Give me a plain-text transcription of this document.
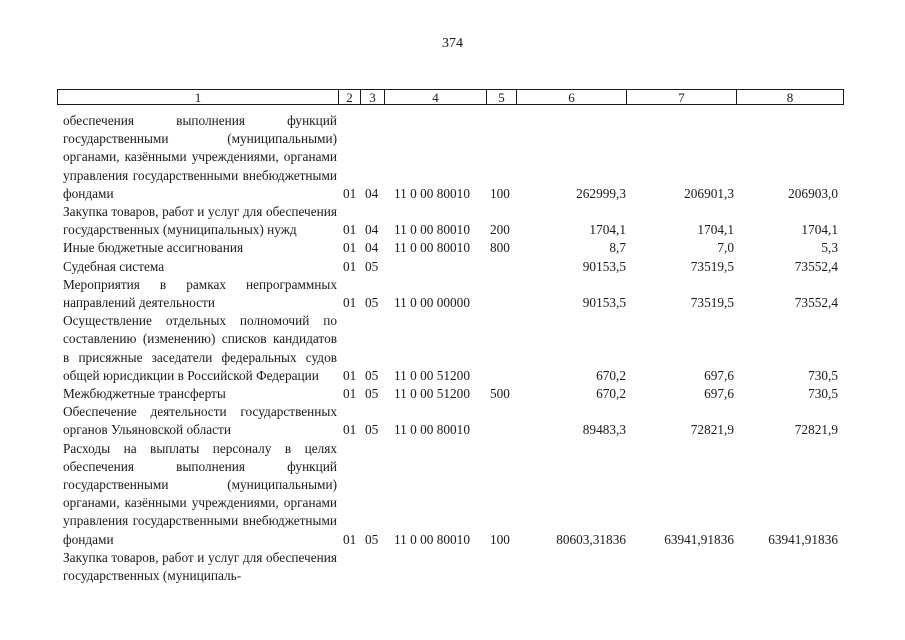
374
1	2	3	4	5	6	7	8
обеспечения выполнения функций государственными (муниципальными) органами, казёнными учреждениями, органами управления государственными внебюджетными фондами	01 04 11 0 00 80010 100	262999,3	206901,3	206903,0
Закупка товаров, работ и услуг для обеспечения государственных (муниципальных) нужд	01 04 11 0 00 80010 200	1704,1	1704,1	1704,1
Иные бюджетные ассигнования	01 04 11 0 00 80010 800	8,7	7,0	5,3
Судебная система	01 05	90153,5	73519,5	73552,4
Мероприятия в рамках непрограммных направлений деятельности	01 05 11 0 00 00000	90153,5	73519,5	73552,4
Осуществление отдельных полномочий по составлению (изменению) списков кандидатов в присяжные заседатели федеральных судов общей юрисдикции в Российской Федерации	01 05 11 0 00 51200	670,2	697,6	730,5
Межбюджетные трансферты	01 05 11 0 00 51200 500	670,2	697,6	730,5
Обеспечение деятельности государственных органов Ульяновской области	01 05 11 0 00 80010	89483,3	72821,9	72821,9
Расходы на выплаты персоналу в целях обеспечения выполнения функций государственными (муниципальными) органами, казёнными учреждениями, органами управления государственными внебюджетными фондами	01 05 11 0 00 80010 100	80603,31836	63941,91836	63941,91836
Закупка товаров, работ и услуг для обеспечения государственных (муниципаль-
